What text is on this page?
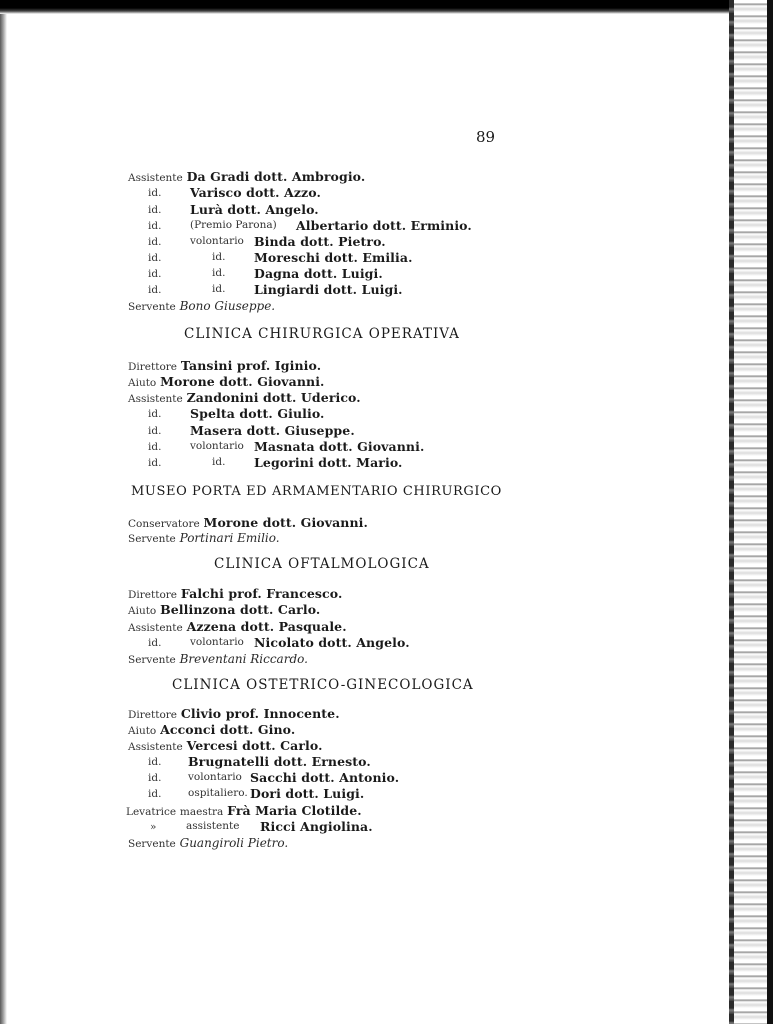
89
Assistente Da Gradi dott. Ambrogio.
id. Varisco dott. Azzo.
id. Lurà dott. Angelo.
id.	(Premio Parona) Albertario dott. Erminio.
id.	volontario Binda dott. Pietro.
id.	id. Moreschi dott. Emilia.
id.	id. Dagna dott. Luigi.
id.	id. Lingiardi dott. Luigi.
Servente Bono Giuseppe.
CLINICA CHIRURGICA OPERATIVA
Direttore Tansini prof. Iginio.
Aiuto Morone dott. Giovanni.
Assistente Zandonini dott. Uderico.
id. Spelta dott. Giulio.
id. Masera dott. Giuseppe.
id.	volontario Masnata dott. Giovanni.
id.	id. Legorini dott. Mario.
MUSEO PORTA ED ARMAMENTARIO CHIRURGICO
Conservatore Morone dott. Giovanni.
Servente Portinari Emilio.
CLINICA OFTALMOLOGICA
Direttore Falchi prof. Francesco.
Aiuto Bellinzona dott. Carlo.
Assistente Azzena dott. Pasquale.
id.	volontario Nicolato dott. Angelo.
Servente Breventani Riccardo.
CLINICA OSTETRICO-GINECOLOGICA
Direttore Clivio prof. Innocente.
Aiuto Acconci dott. Gino.
Assistente Vercesi dott. Carlo.
id. Brugnatelli dott. Ernesto.
id.	volontario Sacchi dott. Antonio.
id.	ospitaliero. Dori dott. Luigi.
Levatrice maestra Frà Maria Clotilde.
»	assistente Ricci Angiolina.
Servente Guangiroli Pietro.
